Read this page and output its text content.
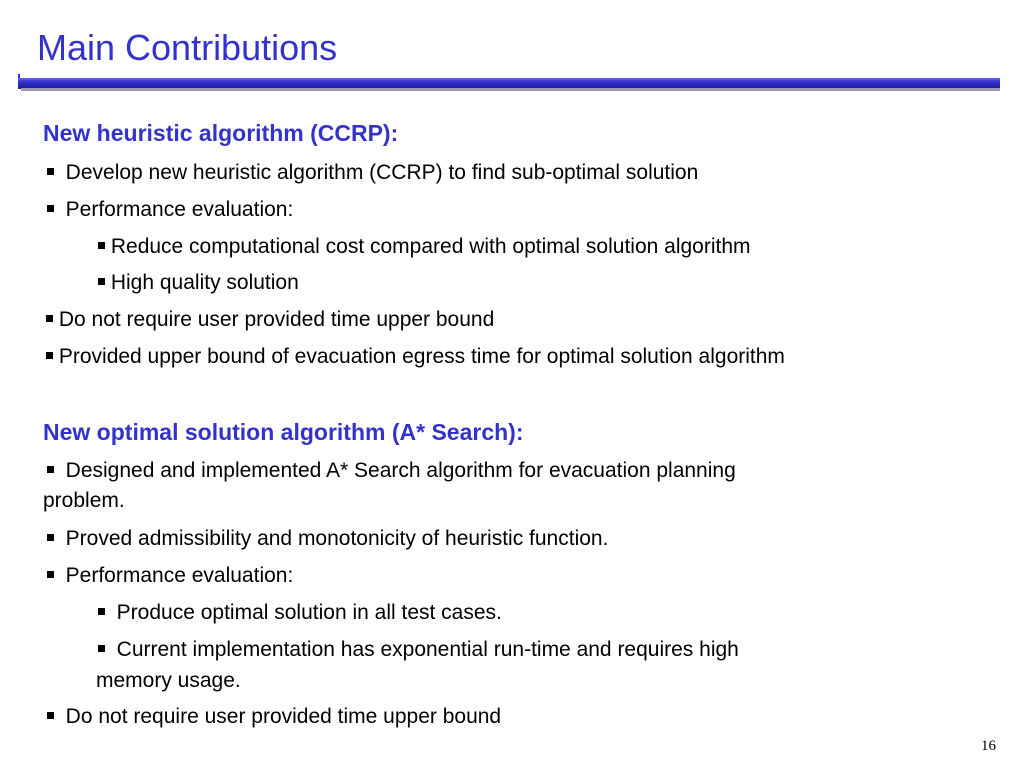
Main Contributions
New heuristic algorithm (CCRP):
Develop new heuristic algorithm (CCRP) to find sub-optimal solution
Performance evaluation:
Reduce computational cost compared with optimal solution algorithm
High quality solution
Do not require user provided time upper bound
Provided upper bound of evacuation egress time for optimal solution algorithm
New optimal solution algorithm (A* Search):
Designed and implemented A* Search algorithm for evacuation planning
problem.
Proved admissibility and monotonicity of heuristic function.
Performance evaluation:
Produce optimal solution in all test cases.
Current implementation has exponential run-time and requires high
memory usage.
Do not require user provided time upper bound
16
